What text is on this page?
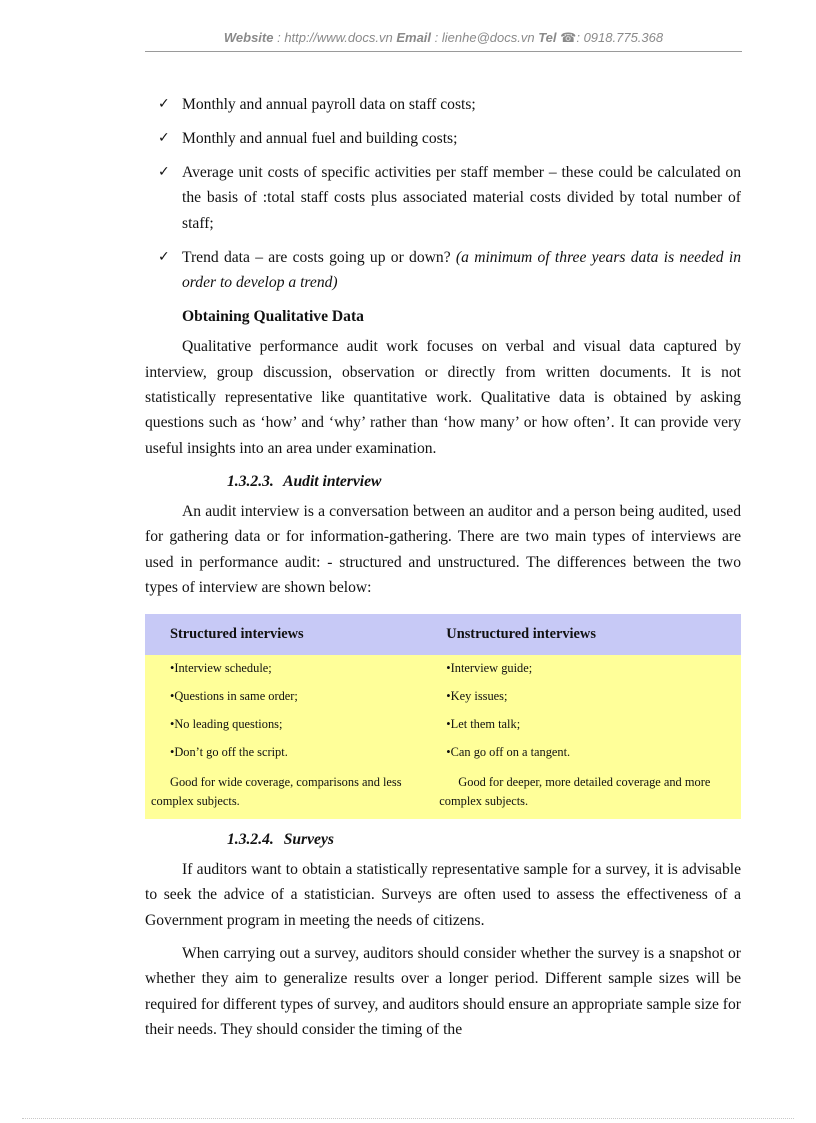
Website : http://www.docs.vn Email : lienhe@docs.vn Tel ☎: 0918.775.368
✓ Monthly and annual payroll data on staff costs;
✓ Monthly and annual fuel and building costs;
✓ Average unit costs of specific activities per staff member – these could be calculated on the basis of :total staff costs plus associated material costs divided by total number of staff;
✓ Trend data – are costs going up or down? (a minimum of three years data is needed in order to develop a trend)
Obtaining Qualitative Data

Qualitative performance audit work focuses on verbal and visual data captured by interview, group discussion, observation or directly from written documents. It is not statistically representative like quantitative work. Qualitative data is obtained by asking questions such as ‘how’ and ‘why’ rather than ‘how many’ or how often’. It can provide very useful insights into an area under examination.

1.3.2.3. Audit interview

An audit interview is a conversation between an auditor and a person being audited, used for gathering data or for information-gathering. There are two main types of interviews are used in performance audit: - structured and unstructured. The differences between the two types of interview are shown below:

Structured interviews	Unstructured interviews
•Interview schedule;	•Interview guide;
•Questions in same order;	•Key issues;
•No leading questions;	•Let them talk;
•Don’t go off the script.	•Can go off on a tangent.
Good for wide coverage, comparisons and less complex subjects.	Good for deeper, more detailed coverage and more complex subjects.
1.3.2.4. Surveys

If auditors want to obtain a statistically representative sample for a survey, it is advisable to seek the advice of a statistician. Surveys are often used to assess the effectiveness of a Government program in meeting the needs of citizens.

When carrying out a survey, auditors should consider whether the survey is a snapshot or whether they aim to generalize results over a longer period. Different sample sizes will be required for different types of survey, and auditors should ensure an appropriate sample size for their needs. They should consider the timing of the
